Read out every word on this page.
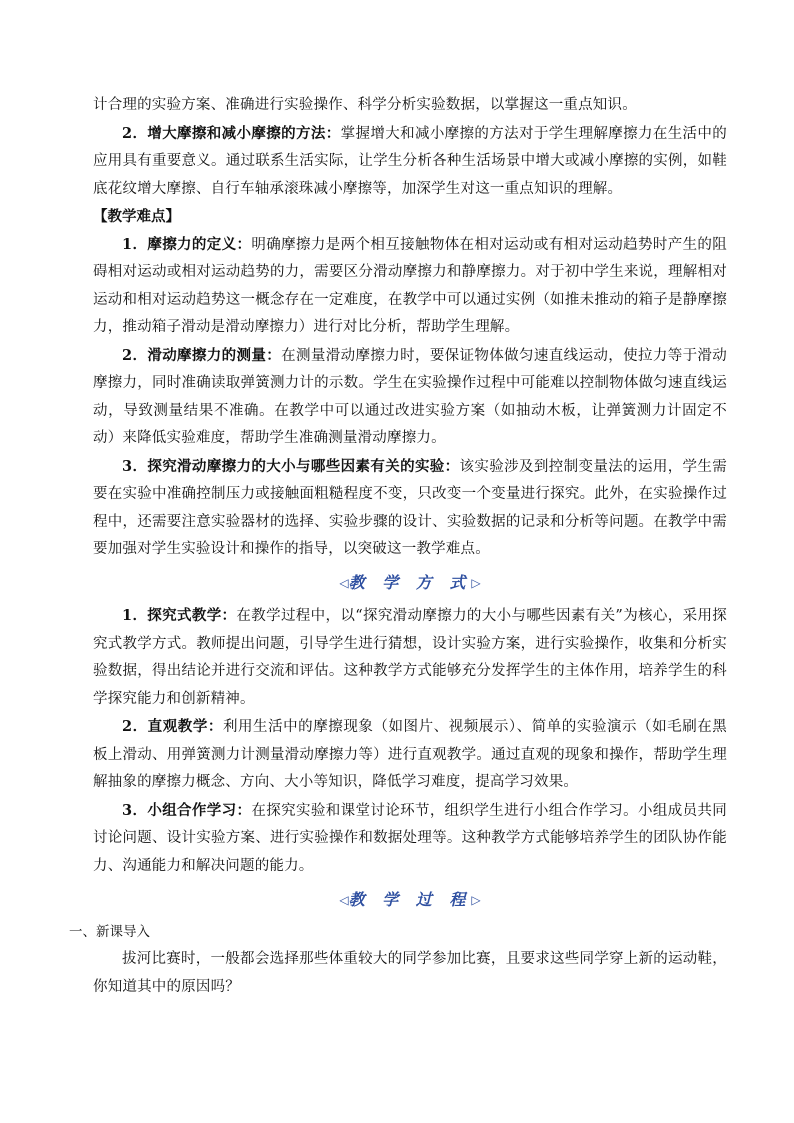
计合理的实验方案、准确进行实验操作、科学分析实验数据，以掌握这一重点知识。

2．增大摩擦和减小摩擦的方法：掌握增大和减小摩擦的方法对于学生理解摩擦力在生活中的应用具有重要意义。通过联系生活实际，让学生分析各种生活场景中增大或减小摩擦的实例，如鞋底花纹增大摩擦、自行车轴承滚珠减小摩擦等，加深学生对这一重点知识的理解。

【教学难点】

1．摩擦力的定义：明确摩擦力是两个相互接触物体在相对运动或有相对运动趋势时产生的阻碍相对运动或相对运动趋势的力，需要区分滑动摩擦力和静摩擦力。对于初中学生来说，理解相对运动和相对运动趋势这一概念存在一定难度，在教学中可以通过实例（如推未推动的箱子是静摩擦力，推动箱子滑动是滑动摩擦力）进行对比分析，帮助学生理解。

2．滑动摩擦力的测量：在测量滑动摩擦力时，要保证物体做匀速直线运动，使拉力等于滑动摩擦力，同时准确读取弹簧测力计的示数。学生在实验操作过程中可能难以控制物体做匀速直线运动，导致测量结果不准确。在教学中可以通过改进实验方案（如抽动木板，让弹簧测力计固定不动）来降低实验难度，帮助学生准确测量滑动摩擦力。

3．探究滑动摩擦力的大小与哪些因素有关的实验：该实验涉及到控制变量法的运用，学生需要在实验中准确控制压力或接触面粗糙程度不变，只改变一个变量进行探究。此外，在实验操作过程中，还需要注意实验器材的选择、实验步骤的设计、实验数据的记录和分析等问题。在教学中需要加强对学生实验设计和操作的指导，以突破这一教学难点。

◁教 学 方 式▷

1．探究式教学：在教学过程中，以“探究滑动摩擦力的大小与哪些因素有关”为核心，采用探究式教学方式。教师提出问题，引导学生进行猜想，设计实验方案，进行实验操作，收集和分析实验数据，得出结论并进行交流和评估。这种教学方式能够充分发挥学生的主体作用，培养学生的科学探究能力和创新精神。

2．直观教学：利用生活中的摩擦现象（如图片、视频展示）、简单的实验演示（如毛刷在黑板上滑动、用弹簧测力计测量滑动摩擦力等）进行直观教学。通过直观的现象和操作，帮助学生理解抽象的摩擦力概念、方向、大小等知识，降低学习难度，提高学习效果。

3．小组合作学习：在探究实验和课堂讨论环节，组织学生进行小组合作学习。小组成员共同讨论问题、设计实验方案、进行实验操作和数据处理等。这种教学方式能够培养学生的团队协作能力、沟通能力和解决问题的能力。

◁教 学 过 程▷

一、新课导入

拔河比赛时，一般都会选择那些体重较大的同学参加比赛，且要求这些同学穿上新的运动鞋，你知道其中的原因吗？
